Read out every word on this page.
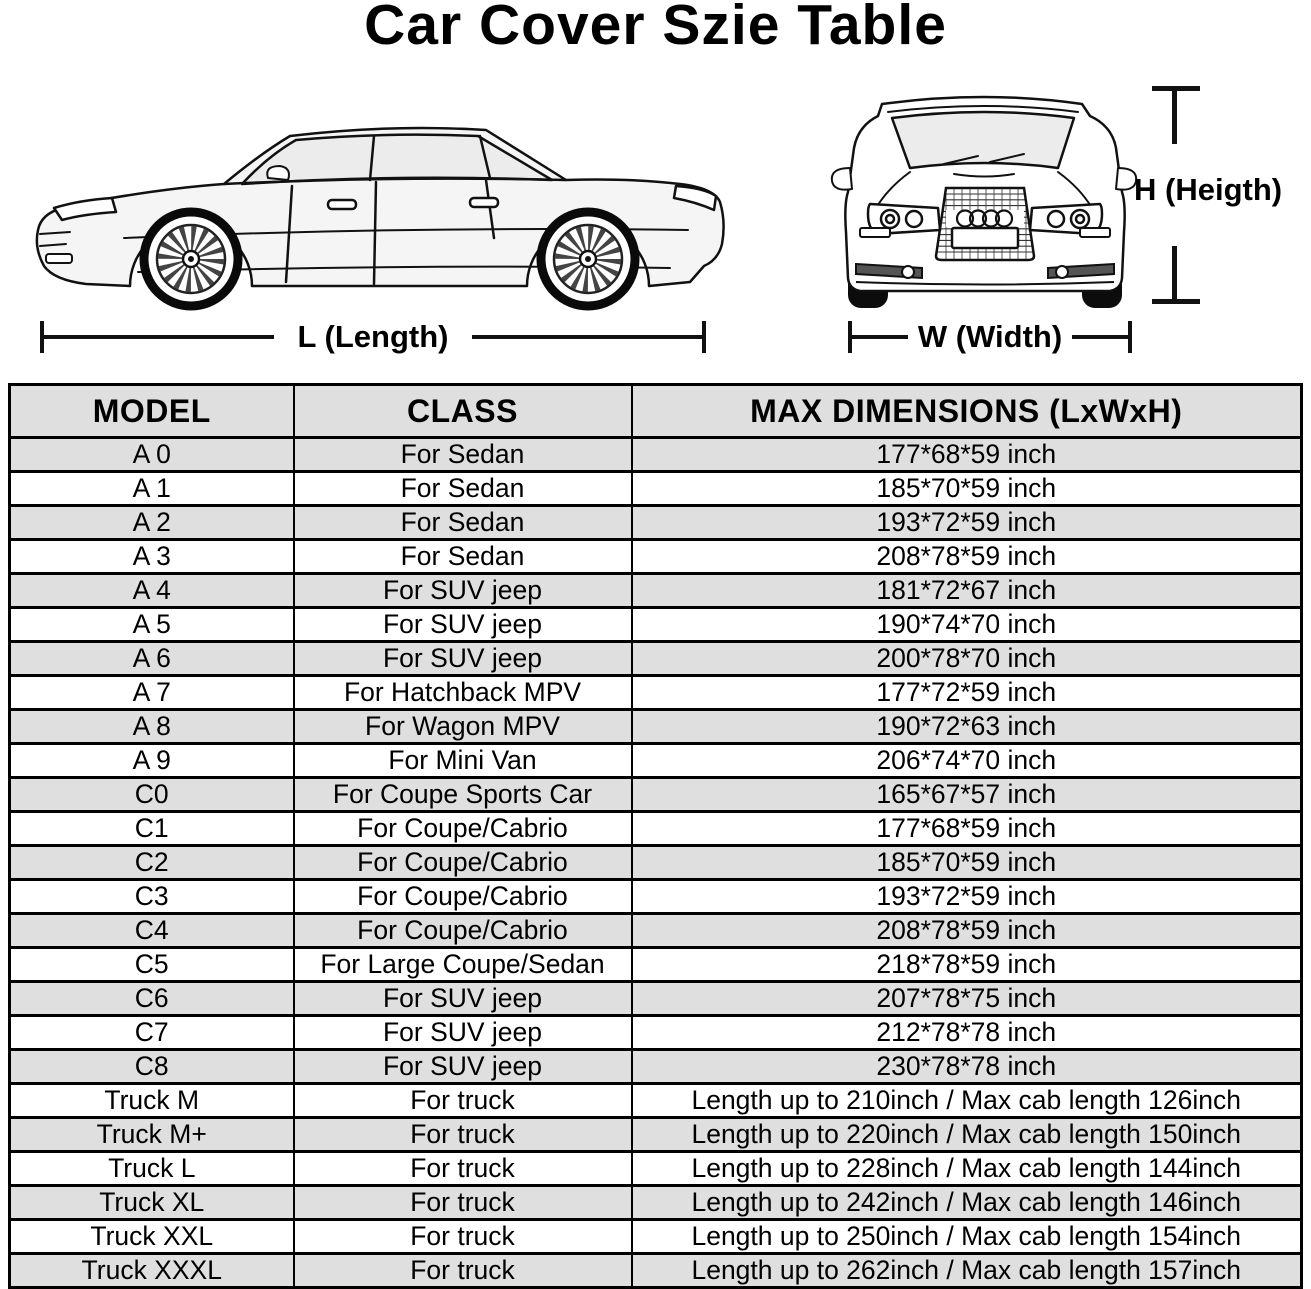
Car Cover Szie Table
L (Length)	W (Width)
H (Heigth)
MODEL	CLASS	MAX DIMENSIONS (LxWxH)
A 0	For Sedan	177*68*59 inch
A 1	For Sedan	185*70*59 inch
A 2	For Sedan	193*72*59 inch
A 3	For Sedan	208*78*59 inch
A 4	For SUV jeep	181*72*67 inch
A 5	For SUV jeep	190*74*70 inch
A 6	For SUV jeep	200*78*70 inch
A 7	For Hatchback MPV	177*72*59 inch
A 8	For Wagon MPV	190*72*63 inch
A 9	For Mini Van	206*74*70 inch
C0	For Coupe Sports Car	165*67*57 inch
C1	For Coupe/Cabrio	177*68*59 inch
C2	For Coupe/Cabrio	185*70*59 inch
C3	For Coupe/Cabrio	193*72*59 inch
C4	For Coupe/Cabrio	208*78*59 inch
C5	For Large Coupe/Sedan	218*78*59 inch
C6	For SUV jeep	207*78*75 inch
C7	For SUV jeep	212*78*78 inch
C8	For SUV jeep	230*78*78 inch
Truck M	For truck	Length up to 210inch / Max cab length 126inch
Truck M+	For truck	Length up to 220inch / Max cab length 150inch
Truck L	For truck	Length up to 228inch / Max cab length 144inch
Truck XL	For truck	Length up to 242inch / Max cab length 146inch
Truck XXL	For truck	Length up to 250inch / Max cab length 154inch
Truck XXXL	For truck	Length up to 262inch / Max cab length 157inch
